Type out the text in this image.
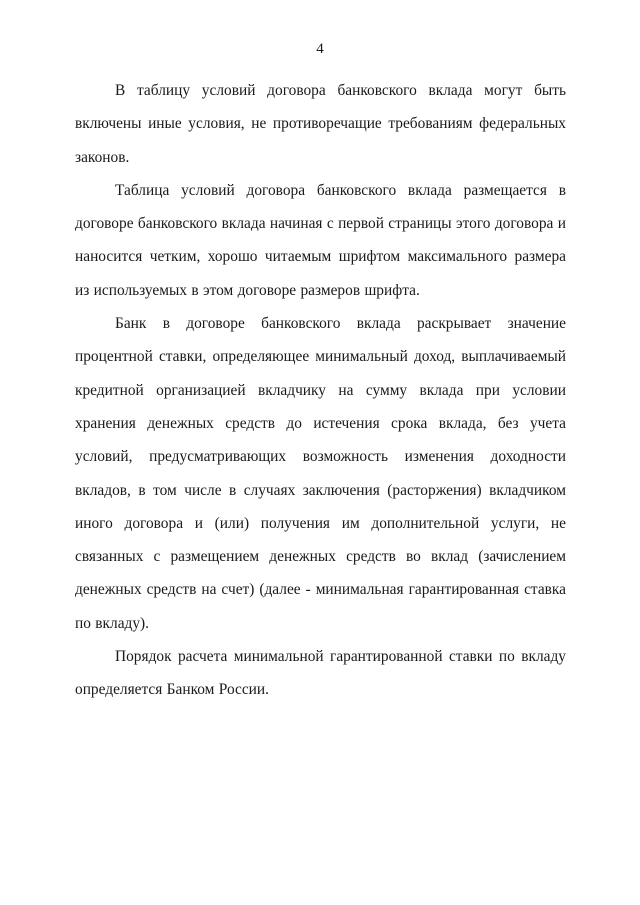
4

В таблицу условий договора банковского вклада могут быть включены иные условия, не противоречащие требованиям федеральных законов.

Таблица условий договора банковского вклада размещается в договоре банковского вклада начиная с первой страницы этого договора и наносится четким, хорошо читаемым шрифтом максимального размера из используемых в этом договоре размеров шрифта.

Банк в договоре банковского вклада раскрывает значение процентной ставки, определяющее минимальный доход, выплачиваемый кредитной организацией вкладчику на сумму вклада при условии хранения денежных средств до истечения срока вклада, без учета условий, предусматривающих возможность изменения доходности вкладов, в том числе в случаях заключения (расторжения) вкладчиком иного договора и (или) получения им дополнительной услуги, не связанных с размещением денежных средств во вклад (зачислением денежных средств на счет) (далее - минимальная гарантированная ставка по вкладу).

Порядок расчета минимальной гарантированной ставки по вкладу определяется Банком России.
